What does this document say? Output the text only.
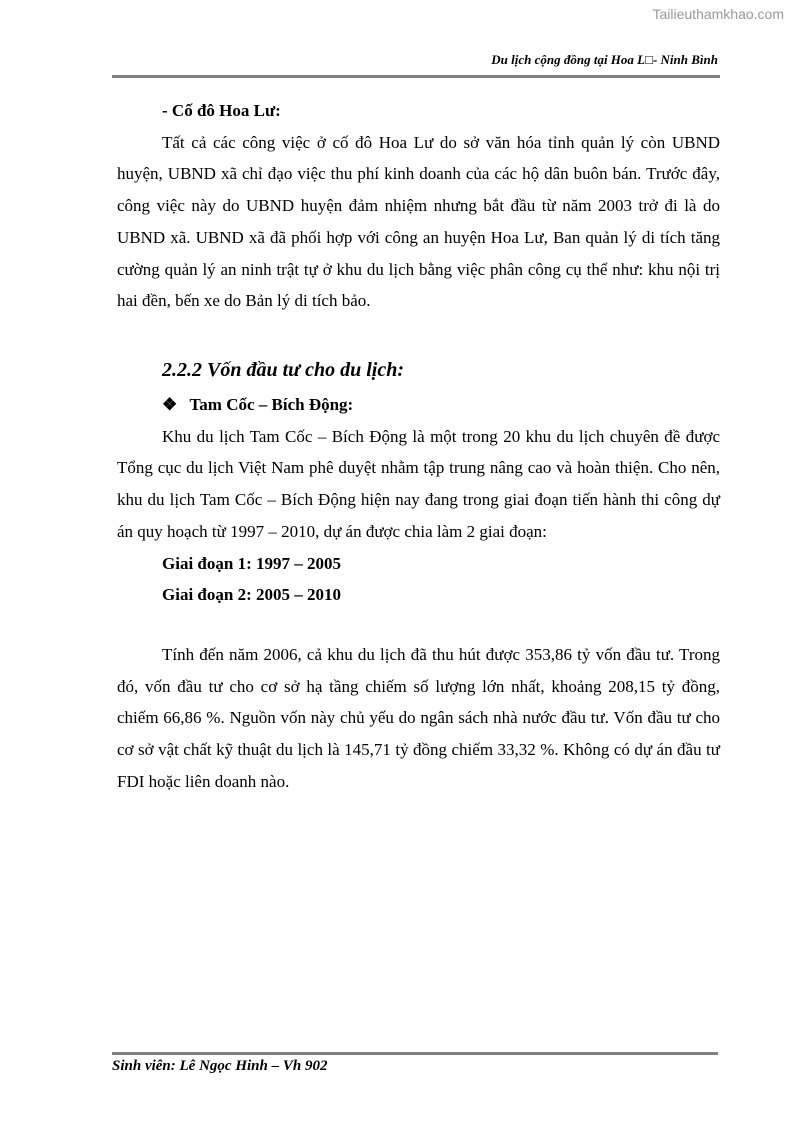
Tailieuthamkhao.com
Du lịch cộng đồng tại Hoa L□- Ninh Bình
- Cố đô Hoa Lư:

Tất cả các công việc ở cố đô Hoa Lư do sở văn hóa tỉnh quản lý còn UBND huyện, UBND xã chỉ đạo việc thu phí kinh doanh của các hộ dân buôn bán. Trước đây, công việc này do UBND huyện đảm nhiệm nhưng bắt đầu từ năm 2003 trở đi là do UBND xã. UBND xã đã phối hợp với công an huyện Hoa Lư, Ban quản lý di tích tăng cường quản lý an ninh trật tự ở khu du lịch bằng việc phân công cụ thể như: khu nội trị hai đền, bến xe do Bản lý di tích bảo.

2.2.2 Vốn đầu tư cho du lịch:
❖ Tam Cốc – Bích Động:

Khu du lịch Tam Cốc – Bích Động là một trong 20 khu du lịch chuyên đề được Tổng cục du lịch Việt Nam phê duyệt nhằm tập trung nâng cao và hoàn thiện. Cho nên, khu du lịch Tam Cốc – Bích Động hiện nay đang trong giai đoạn tiến hành thi công dự án quy hoạch từ 1997 – 2010, dự án được chia làm 2 giai đoạn:

Giai đoạn 1: 1997 – 2005
Giai đoạn 2: 2005 – 2010

Tính đến năm 2006, cả khu du lịch đã thu hút được 353,86 tỷ vốn đầu tư. Trong đó, vốn đầu tư cho cơ sở hạ tầng chiếm số lượng lớn nhất, khoảng 208,15 tỷ đồng, chiếm 66,86 %. Nguồn vốn này chủ yếu do ngân sách nhà nước đầu tư. Vốn đầu tư cho cơ sở vật chất kỹ thuật du lịch là 145,71 tỷ đồng chiếm 33,32 %. Không có dự án đầu tư FDI hoặc liên doanh nào.

Sinh viên: Lê Ngọc Hinh – Vh 902
